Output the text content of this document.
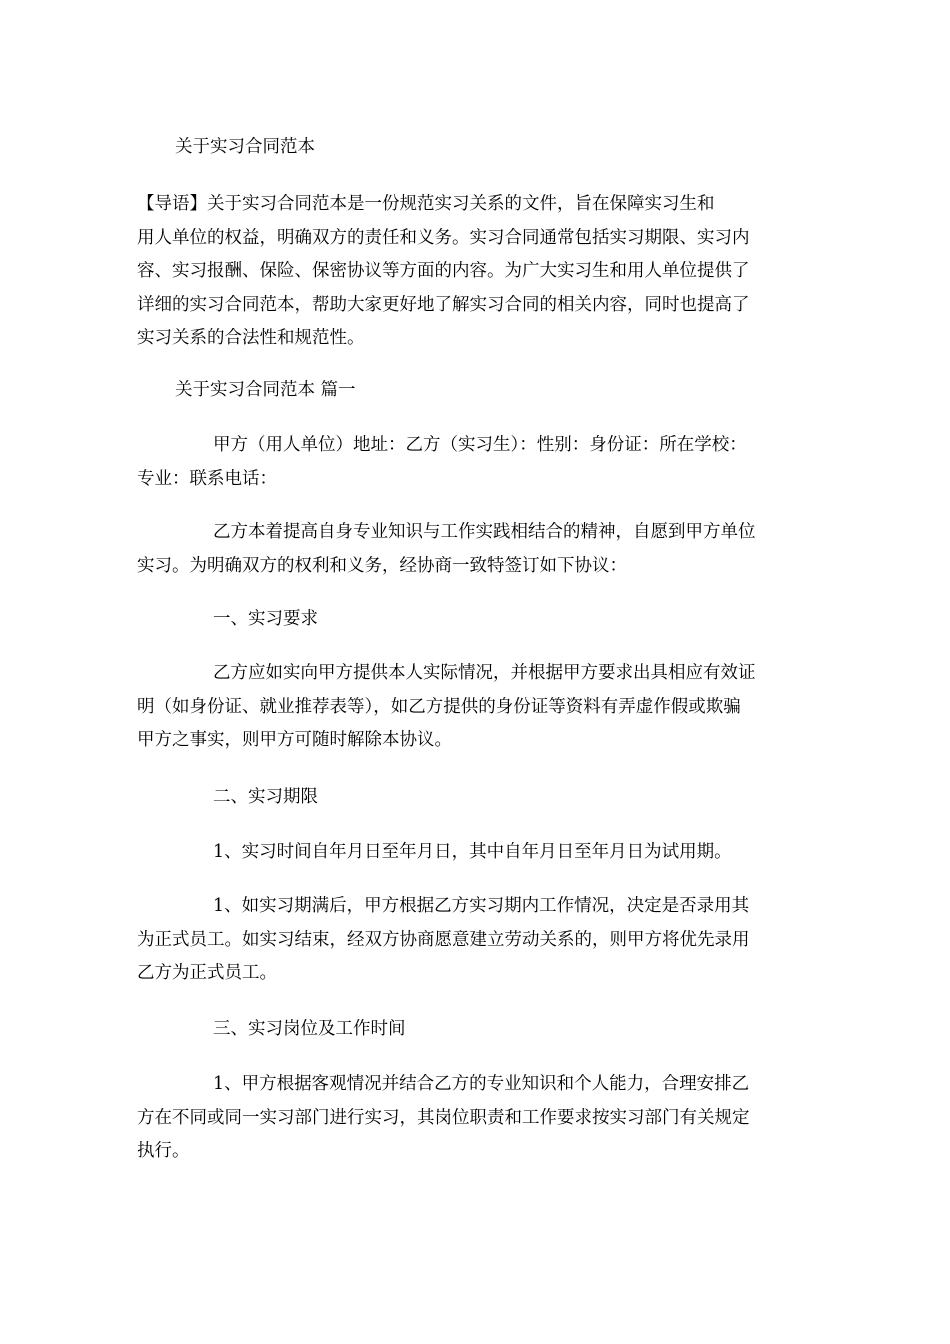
关于实习合同范本

【导语】关于实习合同范本是一份规范实习关系的文件，旨在保障实习生和
用人单位的权益，明确双方的责任和义务。实习合同通常包括实习期限、实习内
容、实习报酬、保险、保密协议等方面的内容。为广大实习生和用人单位提供了
详细的实习合同范本，帮助大家更好地了解实习合同的相关内容，同时也提高了
实习关系的合法性和规范性。

关于实习合同范本 篇一

甲方（用人单位）地址：乙方（实习生）：性别：身份证：所在学校：
专业：联系电话：

乙方本着提高自身专业知识与工作实践相结合的精神，自愿到甲方单位
实习。为明确双方的权利和义务，经协商一致特签订如下协议：

一、实习要求

乙方应如实向甲方提供本人实际情况，并根据甲方要求出具相应有效证
明（如身份证、就业推荐表等），如乙方提供的身份证等资料有弄虚作假或欺骗
甲方之事实，则甲方可随时解除本协议。

二、实习期限

1、实习时间自年月日至年月日，其中自年月日至年月日为试用期。

1、如实习期满后，甲方根据乙方实习期内工作情况，决定是否录用其
为正式员工。如实习结束，经双方协商愿意建立劳动关系的，则甲方将优先录用
乙方为正式员工。

三、实习岗位及工作时间

1、甲方根据客观情况并结合乙方的专业知识和个人能力，合理安排乙
方在不同或同一实习部门进行实习，其岗位职责和工作要求按实习部门有关规定
执行。
